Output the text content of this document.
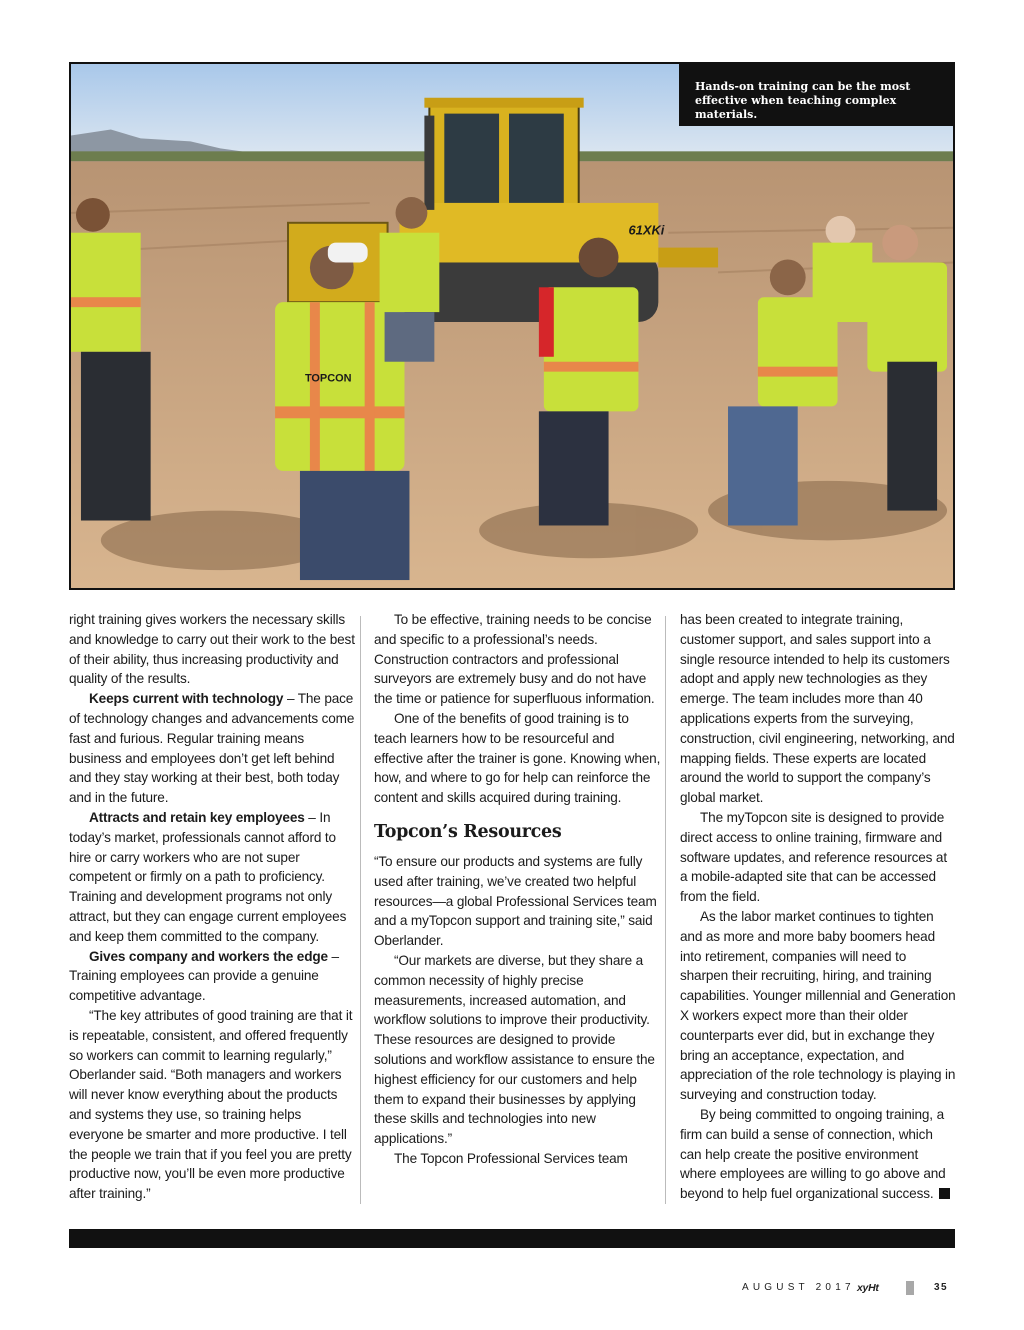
61XKi
TOPCON
Hands-on training can be the most effective when teaching complex materials.

right training gives workers the necessary skills and knowledge to carry out their work to the best of their ability, thus increasing productivity and quality of the results.

Keeps current with technology – The pace of technology changes and advancements come fast and furious. Regular training means business and employees don’t get left behind and they stay working at their best, both today and in the future.

Attracts and retain key employees – In today’s market, professionals cannot afford to hire or carry workers who are not super competent or firmly on a path to proficiency. Training and development programs not only attract, but they can engage current employees and keep them committed to the company.

Gives company and workers the edge – Training employees can provide a genuine competitive advantage.

“The key attributes of good training are that it is repeatable, consistent, and offered frequently so workers can commit to learning regularly,” Oberlander said. “Both managers and workers will never know everything about the products and systems they use, so training helps everyone be smarter and more productive. I tell the people we train that if you feel you are pretty productive now, you’ll be even more productive after training.”

To be effective, training needs to be concise and specific to a professional’s needs. Construction contractors and professional surveyors are extremely busy and do not have the time or patience for superfluous information.

One of the benefits of good training is to teach learners how to be resourceful and effective after the trainer is gone. Knowing when, how, and where to go for help can reinforce the content and skills acquired during training.

Topcon’s Resources

“To ensure our products and systems are fully used after training, we’ve created two helpful resources—a global Professional Services team and a myTopcon support and training site,” said Oberlander.

“Our markets are diverse, but they share a common necessity of highly precise measurements, increased automation, and workflow solutions to improve their productivity. These resources are designed to provide solutions and workflow assistance to ensure the highest efficiency for our customers and help them to expand their businesses by applying these skills and technologies into new applications.”

The Topcon Professional Services team

has been created to integrate training, customer support, and sales support into a single resource intended to help its customers adopt and apply new technologies as they emerge. The team includes more than 40 applications experts from the surveying, construction, civil engineering, networking, and mapping fields. These experts are located around the world to support the company’s global market.

The myTopcon site is designed to provide direct access to online training, firmware and software updates, and reference resources at a mobile-adapted site that can be accessed from the field.

As the labor market continues to tighten and as more and more baby boomers head into retirement, companies will need to sharpen their recruiting, hiring, and training capabilities. Younger millennial and Generation X workers expect more than their older counterparts ever did, but in exchange they bring an acceptance, expectation, and appreciation of the role technology is playing in surveying and construction today.

By being committed to ongoing training, a firm can build a sense of connection, which can help create the positive environment where employees are willing to go above and beyond to help fuel organizational success.

AUGUST 2017 xyHt	35
